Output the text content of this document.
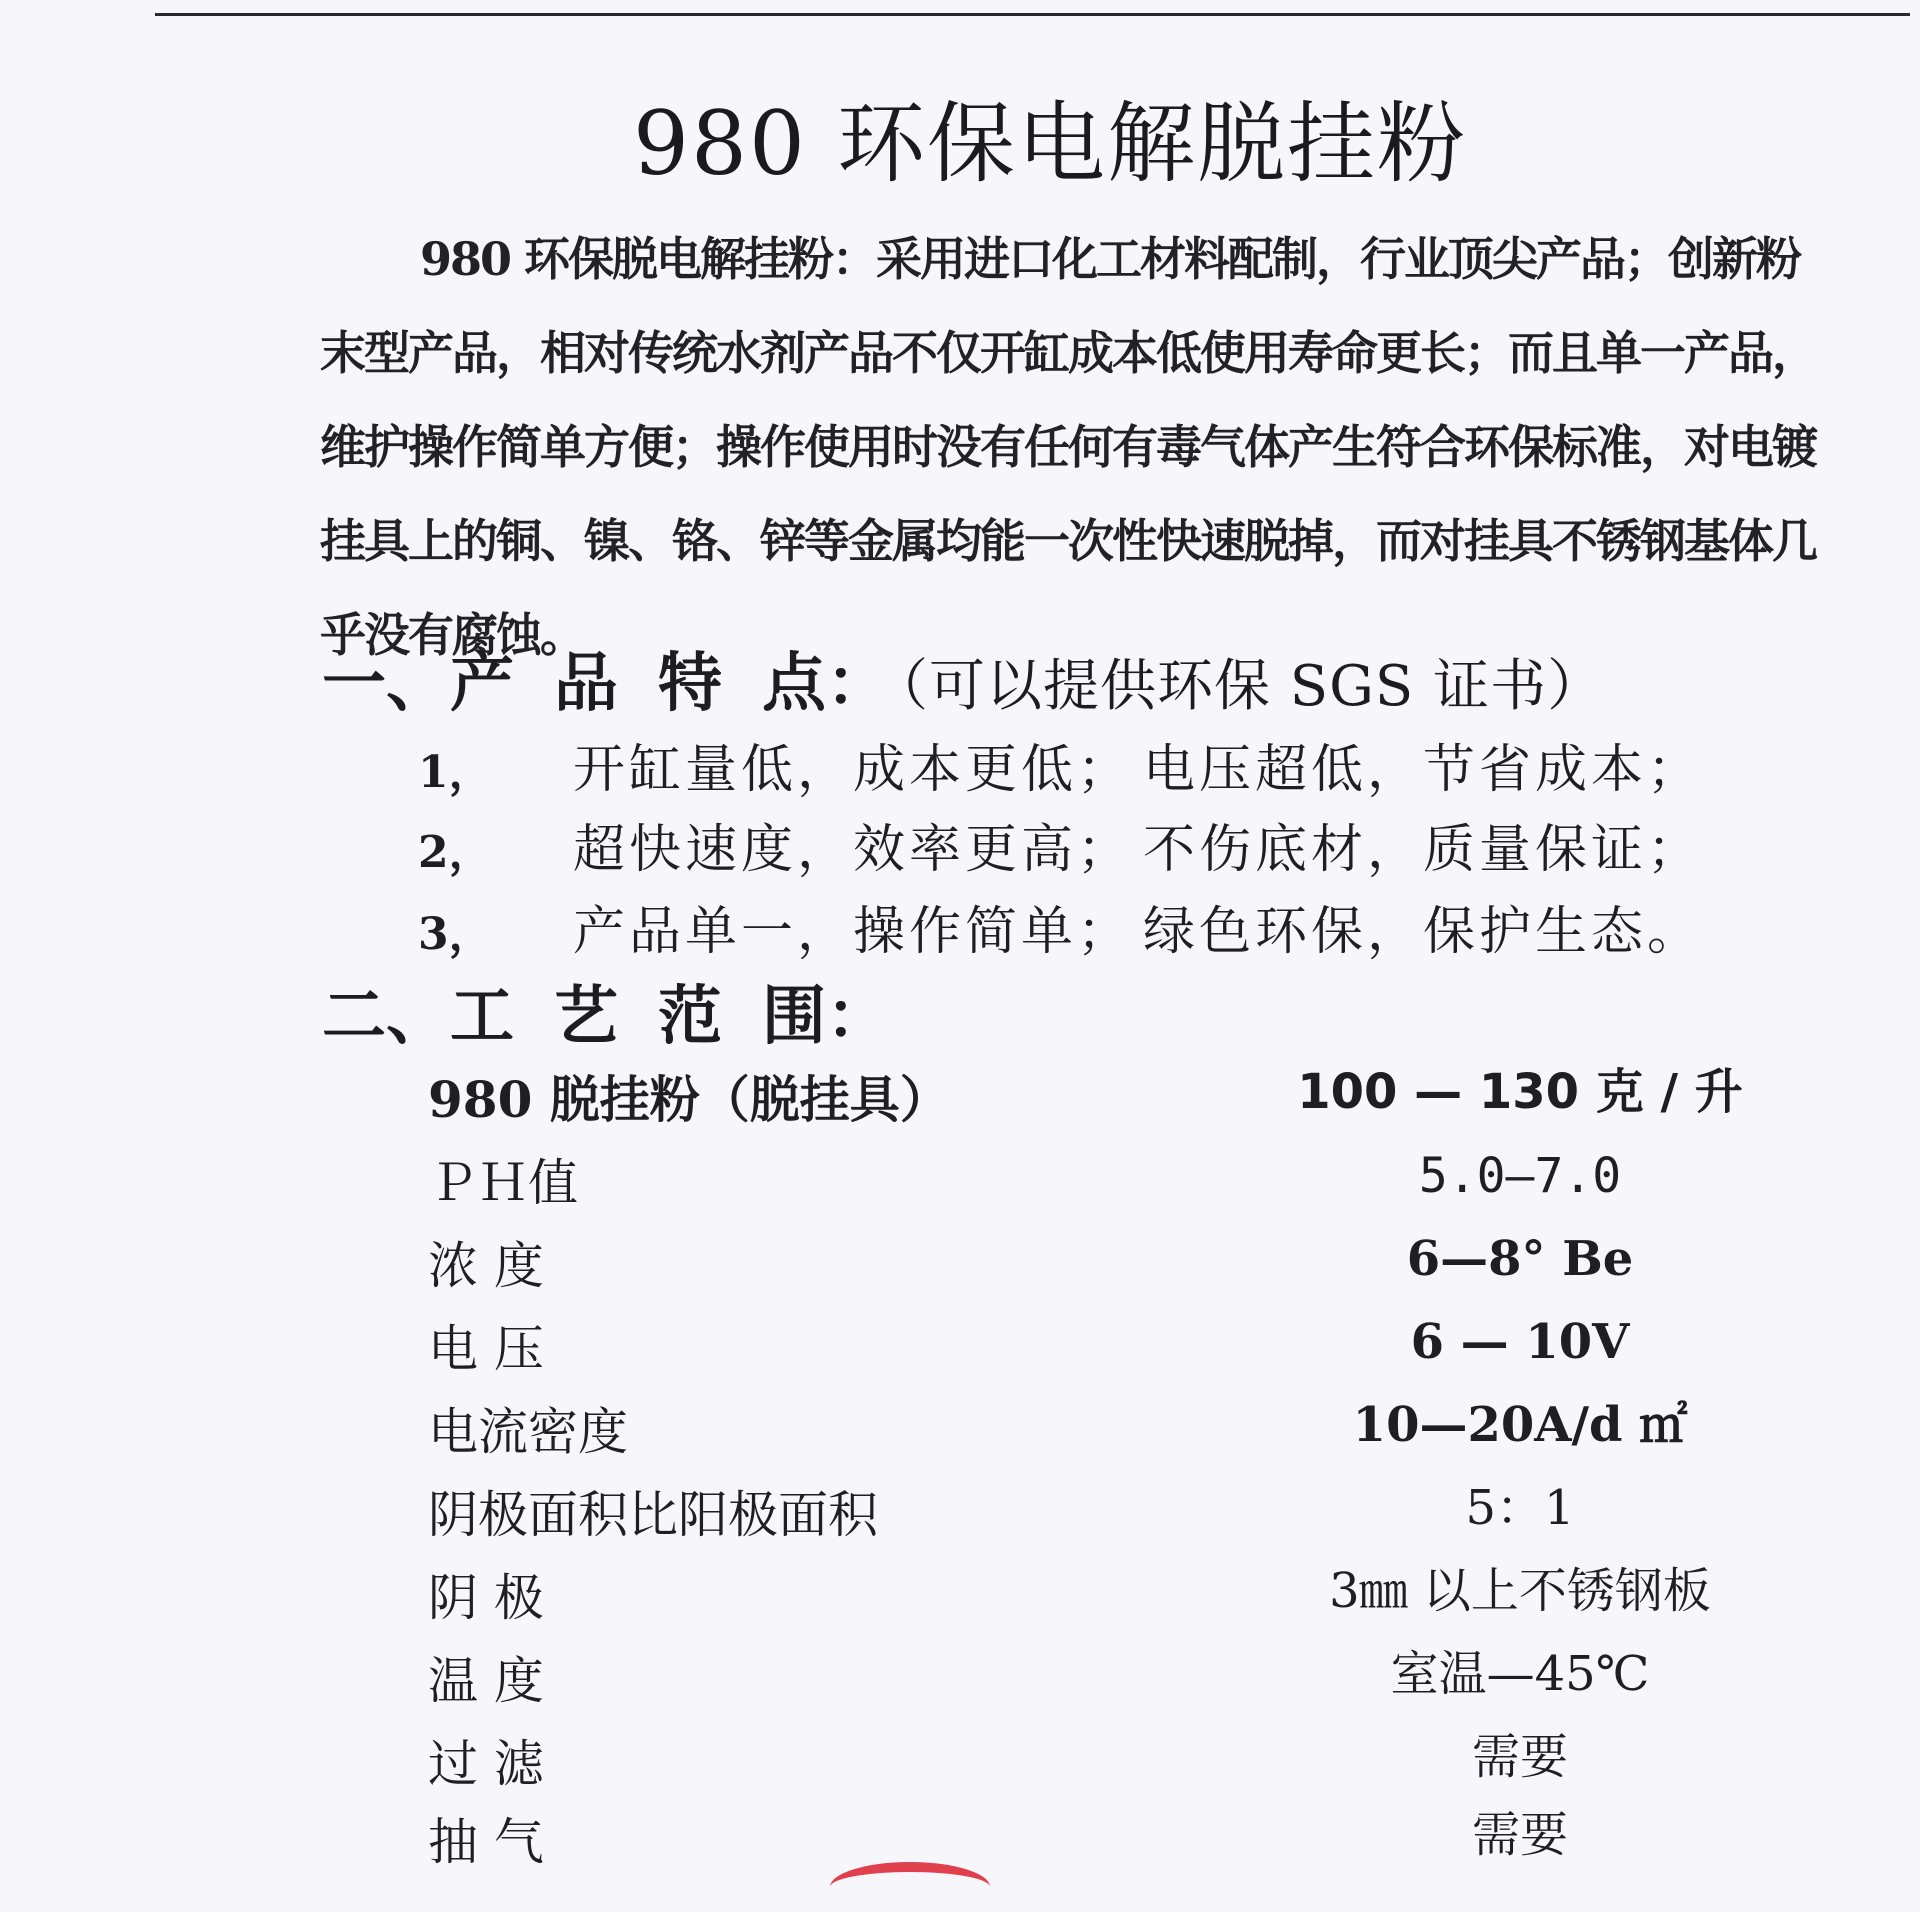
980 环保电解脱挂粉

980 环保脱电解挂粉：采用进口化工材料配制，行业顶尖产品；创新粉末型产品，相对传统水剂产品不仅开缸成本低使用寿命更长；而且单一产品，维护操作简单方便；操作使用时没有任何有毒气体产生符合环保标准，对电镀挂具上的铜、镍、铬、锌等金属均能一次性快速脱掉，而对挂具不锈钢基体几乎没有腐蚀。

一、产品特点： （可以提供环保 SGS 证书）
1， 开缸量低，成本更低； 电压超低，节省成本；
2， 超快速度，效率更高； 不伤底材，质量保证；
3， 产品单一，操作简单； 绿色环保，保护生态。
二、工艺范围：
980 脱挂粉（脱挂具）	100 — 130 克 / 升
ＰＨ值	5.0—7.0
浓 度	6—8° Be
电 压	6 — 10V
电流密度	10—20A/d ㎡
阴极面积比阳极面积	5：1
阴 极	3㎜ 以上不锈钢板
温 度	室温—45℃
过 滤	需要
抽 气	需要
